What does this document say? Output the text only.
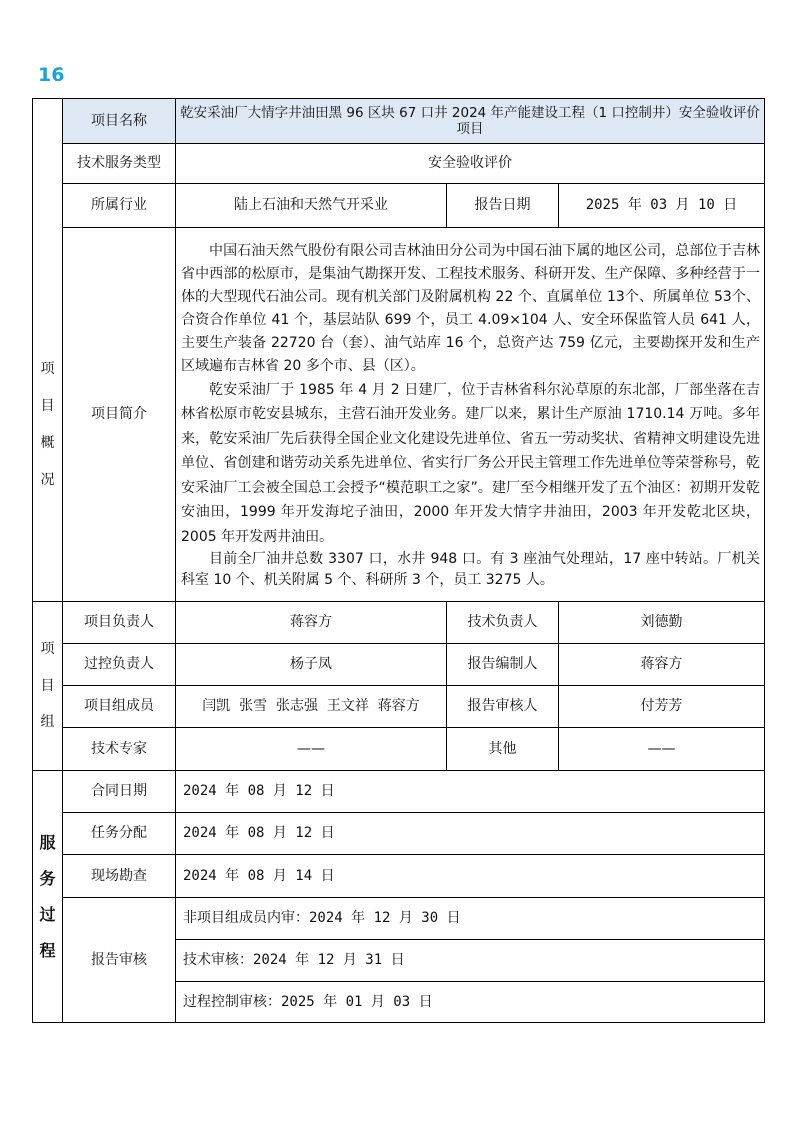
16
项
目
概
况	项目名称	乾安采油厂大情字井油田黑 96 区块 67 口井 2024 年产能建设工程（1 口控制井）安全验收评价项目		
	技术服务类型	安全验收评价		
	所属行业	陆上石油和天然气开采业	报告日期	2025 年 03 月 10 日
	项目简介	中国石油天然气股份有限公司吉林油田分公司为中国石油下属的地区公司，总部位于吉林省中西部的松原市，是集油气勘探开发、工程技术服务、科研开发、生产保障、多种经营于一体的大型现代石油公司。现有机关部门及附属机构 22 个、直属单位 13个、所属单位 53个、合资合作单位 41 个，基层站队 699 个，员工 4.09×104 人、安全环保监管人员 641 人，主要生产装备 22720 台（套）、油气站库 16 个，总资产达 759 亿元，主要勘探开发和生产区域遍布吉林省 20 多个市、县（区）。

乾安采油厂于 1985 年 4 月 2 日建厂，位于吉林省科尔沁草原的东北部，厂部坐落在吉林省松原市乾安县城东，主营石油开发业务。建厂以来，累计生产原油 1710.14 万吨。多年来，乾安采油厂先后获得全国企业文化建设先进单位、省五一劳动奖状、省精神文明建设先进单位、省创建和谐劳动关系先进单位、省实行厂务公开民主管理工作先进单位等荣誉称号，乾安采油厂工会被全国总工会授予“模范职工之家”。建厂至今相继开发了五个油区：初期开发乾安油田，1999 年开发海坨子油田，2000 年开发大情字井油田，2003 年开发乾北区块，2005 年开发两井油田。

目前全厂油井总数 3307 口，水井 948 口。有 3 座油气处理站，17 座中转站。厂机关科室 10 个、机关附属 5 个、科研所 3 个，员工 3275 人。		

项
目
组	项目负责人	蒋容方	技术负责人	刘德勤
	过控负责人	杨子凤	报告编制人	蒋容方
	项目组成员	闫凯  张雪  张志强  王文祥  蒋容方	报告审核人	付芳芳
	技术专家	——	其他	——

服
务
过
程	合同日期	2024 年 08 月 12 日		
	任务分配	2024 年 08 月 12 日		
	现场勘查	2024 年 08 月 14 日		
	报告审核	非项目组成员内审：2024 年 12 月 30 日		
		技术审核：2024 年 12 月 31 日		
		过程控制审核：2025 年 01 月 03 日		
